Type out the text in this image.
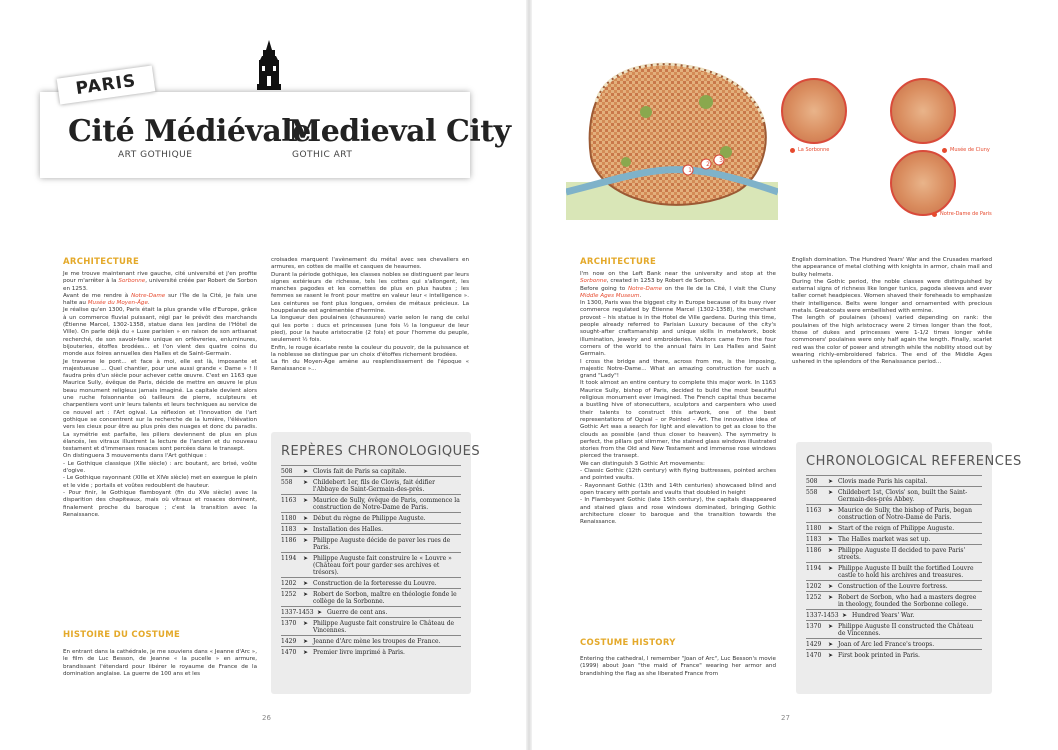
PARIS
Cité Médiévale
Medieval City
ART GOTHIQUE	GOTHIC ART
ARCHITECTURE

Je me trouve maintenant rive gauche, cité université et j'en profite pour m'arrêter à la Sorbonne, université créée par Robert de Sorbon en 1253.

Avant de me rendre à Notre-Dame sur l'île de la Cité, je fais une halte au Musée du Moyen-Âge.

Je réalise qu'en 1300, Paris était la plus grande ville d'Europe, grâce à un commerce fluvial puissant, régi par le prévôt des marchands (Étienne Marcel, 1302-1358, statue dans les jardins de l'Hôtel de Ville). On parle déjà du « Luxe parisien » en raison de son artisanat recherché, de son savoir-faire unique en orfèvreries, enluminures, bijouteries, étoffes brodées... et l'on vient des quatre coins du monde aux foires annuelles des Halles et de Saint-Germain.

Je traverse le pont... et face à moi, elle est là, imposante et majestueuse ... Quel chantier, pour une aussi grande « Dame » ! Il faudra près d'un siècle pour achever cette œuvre. C'est en 1163 que Maurice Sully, évêque de Paris, décide de mettre en œuvre le plus beau monument religieux jamais imaginé. La capitale devient alors une ruche foisonnante où tailleurs de pierre, sculpteurs et charpentiers vont unir leurs talents et leurs techniques au service de ce nouvel art : l'Art ogival. La réflexion et l'innovation de l'art gothique se concentrent sur la recherche de la lumière, l'élévation vers les cieux pour être au plus près des nuages et donc du paradis. La symétrie est parfaite, les piliers deviennent de plus en plus élancés, les vitraux illustrent la lecture de l'ancien et du nouveau testament et d'immenses rosaces sont percées dans le transept.

On distinguera 3 mouvements dans l'Art gothique :

- Le Gothique classique (XIIe siècle) : arc boutant, arc brisé, voûte d'ogive.

- Le Gothique rayonnant (XIIIe et XIVe siècle) met en exergue le plein et le vide ; portails et voûtes redoublent de hauteur.

- Pour finir, le Gothique flamboyant (fin du XVe siècle) avec la disparition des chapiteaux, mais où vitraux et rosaces dominent, finalement proche du baroque ; c'est la transition avec la Renaissance.

HISTOIRE DU COSTUME

En entrant dans la cathédrale, je me souviens dans « Jeanne d'Arc », le film de Luc Besson, de Jeanne « la pucelle » en armure, brandissant l'étendard pour libérer le royaume de France de la domination anglaise. La guerre de 100 ans et les

croisades marquent l'avènement du métal avec ses chevaliers en armures, en cottes de maille et casques de heaumes.

Durant la période gothique, les classes nobles se distinguent par leurs signes extérieurs de richesse, tels les cottes qui s'allongent, les manches pagodes et les cornettes de plus en plus hautes ; les femmes se rasent le front pour mettre en valeur leur « intelligence ». Les ceintures se font plus longues, ornées de métaux précieux. La houppelande est agrémentée d'hermine.

La longueur des poulaines (chaussures) varie selon le rang de celui qui les porte : ducs et princesses (une fois ½ la longueur de leur pied), pour la haute aristocratie (2 fois) et pour l'homme du peuple, seulement ½ fois.

Enfin, le rouge écarlate reste la couleur du pouvoir, de la puissance et la noblesse se distingue par un choix d'étoffes richement brodées.

La fin du Moyen-Âge amène au resplendissement de l'époque « Renaissance »...

REPÈRES CHRONOLOGIQUES
508	➤ Clovis fait de Paris sa capitale.
558	➤ Childebert 1er, fils de Clovis, fait édifier l'Abbaye de Saint-Germain-des-prés.
1163	➤ Maurice de Sully, évêque de Paris, commence la construction de Notre-Dame de Paris.
1180	➤ Début du règne de Philippe Auguste.
1183	➤ Installation des Halles.
1186	➤ Philippe Auguste décide de paver les rues de Paris.
1194	➤ Philippe Auguste fait construire le « Louvre » (Château fort pour garder ses archives et trésors).
1202	➤ Construction de la forteresse du Louvre.
1252	➤ Robert de Sorbon, maître en théologie fonde le collège de la Sorbonne.
1337-1453 ➤ Guerre de cent ans.
1370	➤ Philippe Auguste fait construire le Château de Vincennes.
1429	➤ Jeanne d'Arc mène les troupes de France.
1470	➤ Premier livre imprimé à Paris.
26
ARCHITECTURE

I'm now on the Left Bank near the university and stop at the Sorbonne, created in 1253 by Robert de Sorbon.

Before going to Notre-Dame on the Ile de la Cité, I visit the Cluny Middle Ages Museum.

In 1300, Paris was the biggest city in Europe because of its busy river commerce regulated by Étienne Marcel (1302-1358), the merchant provost – his statue is in the Hotel de Ville gardens. During this time, people already referred to Parisian Luxury because of the city's sought-after craftsmanship and unique skills in metalwork, book illumination, jewelry and embroideries. Visitors came from the four corners of the world to the annual fairs in Les Halles and Saint Germain.

I cross the bridge and there, across from me, is the imposing, majestic Notre-Dame... What an amazing construction for such a grand "Lady"!

It took almost an entire century to complete this major work. In 1163 Maurice Sully, bishop of Paris, decided to build the most beautiful religious monument ever imagined. The French capital thus became a bustling hive of stonecutters, sculptors and carpenters who used their talents to construct this artwork, one of the best representations of Ogival – or Pointed – Art. The innovative idea of Gothic Art was a search for light and elevation to get as close to the clouds as possible (and thus closer to heaven). The symmetry is perfect, the pillars got slimmer, the stained glass windows illustrated stories from the Old and New Testament and immense rose windows pierced the transept.

We can distinguish 3 Gothic Art movements:

- Classic Gothic (12th century) with flying buttresses, pointed arches and pointed vaults.

- Rayonnant Gothic (13th and 14th centuries) showcased blind and open tracery with portals and vaults that doubled in height

- In Flamboyant Gothic (late 15th century), the capitals disappeared and stained glass and rose windows dominated, bringing Gothic architecture closer to baroque and the transition towards the Renaissance.

COSTUME HISTORY

Entering the cathedral, I remember "Joan of Arc", Luc Besson's movie (1999) about Joan "the maid of France" wearing her armor and brandishing the flag as she liberated France from

English domination. The Hundred Years' War and the Crusades marked the appearance of metal clothing with knights in armor, chain mail and bulky helmets.

During the Gothic period, the noble classes were distinguished by external signs of richness like longer tunics, pagoda sleeves and ever taller cornet headpieces. Women shaved their foreheads to emphasize their intelligence. Belts were longer and ornamented with precious metals. Greatcoats were embellished with ermine.

The length of poulaines (shoes) varied depending on rank: the poulaines of the high aristocracy were 2 times longer than the foot, those of dukes and princesses were 1-1/2 times longer while commoners' poulaines were only half again the length. Finally, scarlet red was the color of power and strength while the nobility stood out by wearing richly-embroidered fabrics. The end of the Middle Ages ushered in the splendors of the Renaissance period...

CHRONOLOGICAL REFERENCES
508	➤ Clovis made Paris his capital.
558	➤ Childebert 1st, Clovis' son, built the Saint-Germain-des-prés Abbey.
1163	➤ Maurice de Sully, the bishop of Paris, began construction of Notre-Dame de Paris.
1180	➤ Start of the reign of Philippe Auguste.
1183	➤ The Halles market was set up.
1186	➤ Philippe Auguste II decided to pave Paris' streets.
1194	➤ Philippe Auguste II built the fortified Louvre castle to hold his archives and treasures.
1202	➤ Construction of the Louvre fortress.
1252	➤ Robert de Sorbon, who had a masters degree in theology, founded the Sorbonne college.
1337-1453 ➤ Hundred Years' War.
1370	➤ Philippe Auguste II constructed the Château de Vincennes.
1429	➤ Joan of Arc led France's troops.
1470	➤ First book printed in Paris.
27
1
2
3
La Sorbonne	Musée de Cluny
Notre-Dame de Paris
